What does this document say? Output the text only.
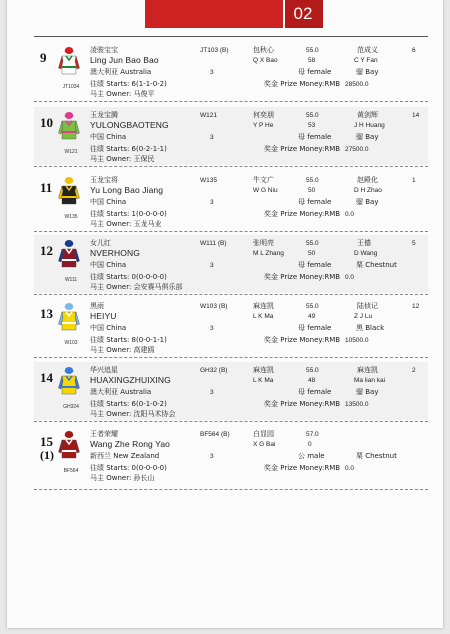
02
9
JT1034
凌骏宝宝
Ling Jun Bao Bao
澳大利亚 Australia
往绩 Starts: 6(1-1-0-2)
马主 Owner: 马俊平
JT103 (B)
3
包秋心
Q X Bao
55.0
58
母 female
奖金 Prize Money:RMB 28500.0
范成义
C Y Fan
骝 Bay
6
10
W121
玉龙宝腾
YULONGBAOTENG
中国 China
往绩 Starts: 6(0-2-1-1)
马主 Owner: 王保民
W121
3
何奕朋
Y P He
55.0
53
母 female
奖金 Prize Money:RMB 27500.0
黄剑辉
J H Huang
骝 Bay
14
11
W135
玉龙宝将
Yu Long Bao Jiang
中国 China
往绩 Starts: 1(0-0-0-0)
马主 Owner: 玉龙马业
W135
3
牛文广
W G Niu
55.0
50
母 female
奖金 Prize Money:RMB 0.0
赵殿化
D H Zhao
骝 Bay
1
12
W111
女儿红
NVERHONG
中国 China
往绩 Starts: 0(0-0-0-0)
马主 Owner: 会安赛马俱乐部
W111 (B)
3
张明亮
M L Zhang
55.0
50
母 female
奖金 Prize Money:RMB 0.0
王德
D Wang
栗 Chestnut
5
13
W103
黑雨
HEIYU
中国 China
往绩 Starts: 8(0-0-1-1)
马主 Owner: 高建鸥
W103 (B)
3
麻连凯
L K Ma
55.0
49
母 female
奖金 Prize Money:RMB 10500.0
陆侦记
Z J Lu
黑 Black
12
14
GH324
华兴追星
HUAXINGZHUIXING
澳大利亚 Australia
往绩 Starts: 6(0-1-0-2)
马主 Owner: 沈阳马术协会
GH32 (B)
3
麻连凯
L K Ma
55.0
48
母 female
奖金 Prize Money:RMB 13500.0
麻连凯
Ma lian kai
骝 Bay
2
15
(1)
BF564
王者荣耀
Wang Zhe Rong Yao
新西兰 New Zealand
往绩 Starts: 0(0-0-0-0)
马主 Owner: 孙长山
BF564 (B)
3
白显园
X G Bai
57.0
0
公 male
奖金 Prize Money:RMB 0.0
栗 Chestnut
